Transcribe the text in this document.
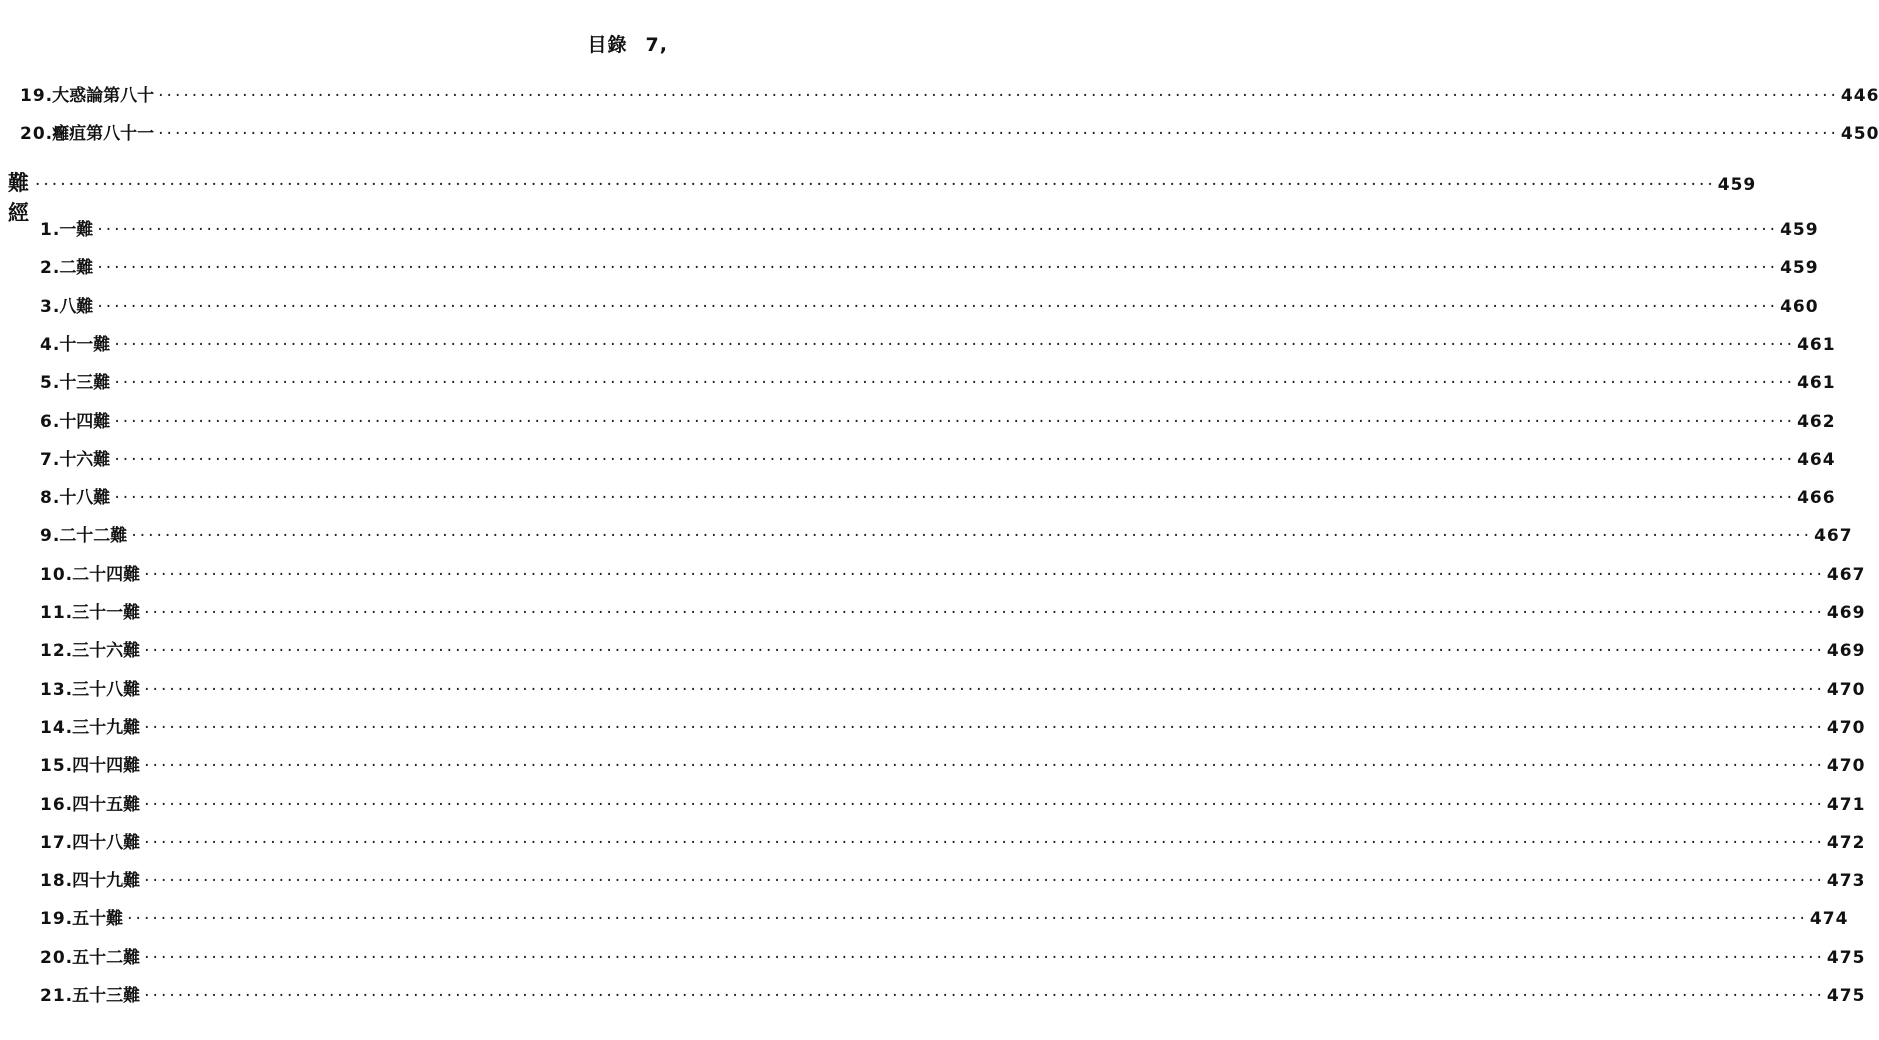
目錄 7,
19 . 大惑論第八十 ········································································································································································································ 446
20 . 癰疽第八十一 ········································································································································································································ 450
難經
········································································································································································································ 459
1 . 一難 ········································································································································································································ 459
2 . 二難 ········································································································································································································ 459
3 . 八難 ········································································································································································································ 460
4 . 十一難 ········································································································································································································ 461
5 . 十三難 ········································································································································································································ 461
6 . 十四難 ········································································································································································································ 462
7 . 十六難 ········································································································································································································ 464
8 . 十八難 ········································································································································································································ 466
9 . 二十二難 ········································································································································································································ 467
10 . 二十四難 ········································································································································································································ 467
11 . 三十一難 ········································································································································································································ 469
12 . 三十六難 ········································································································································································································ 469
13 . 三十八難 ········································································································································································································ 470
14 . 三十九難 ········································································································································································································ 470
15 . 四十四難 ········································································································································································································ 470
16 . 四十五難 ········································································································································································································ 471
17 . 四十八難 ········································································································································································································ 472
18 . 四十九難 ········································································································································································································ 473
19 . 五十難 ········································································································································································································ 474
20 . 五十二難 ········································································································································································································ 475
21 . 五十三難 ········································································································································································································ 475
